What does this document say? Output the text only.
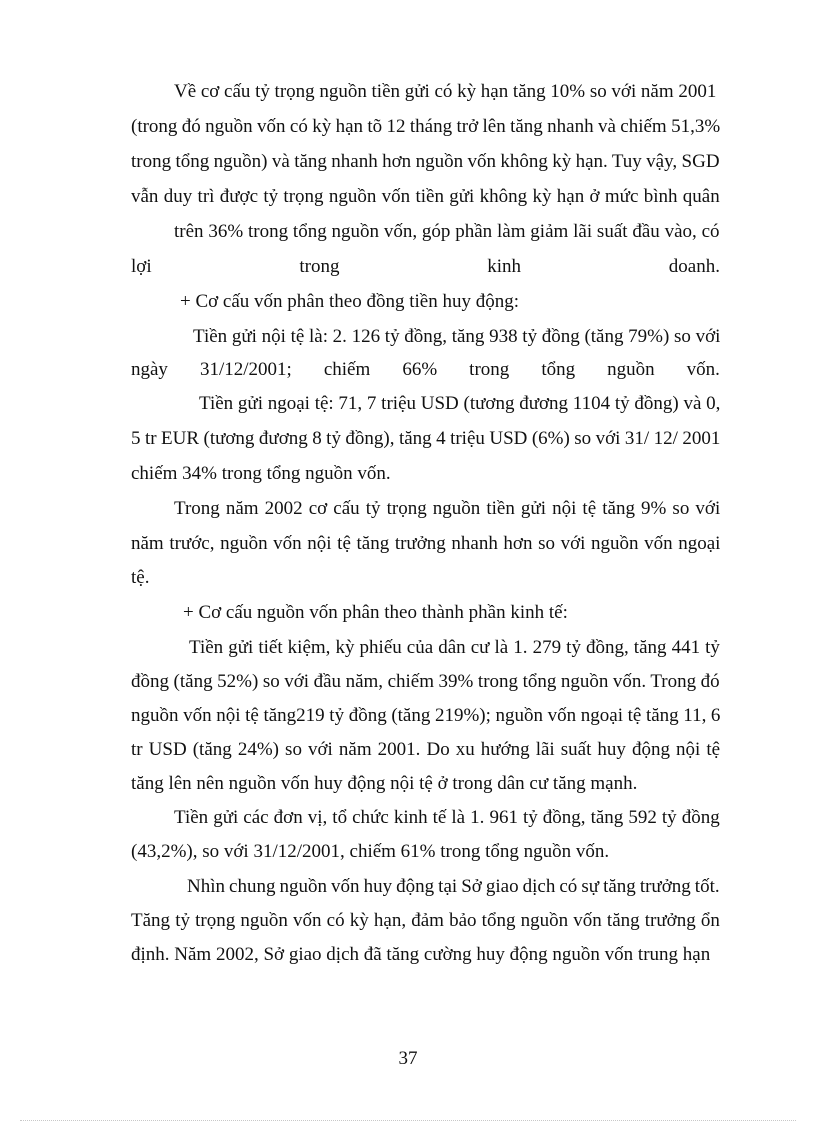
Về cơ cấu tỷ trọng nguồn tiền gửi có kỳ hạn tăng 10% so với năm 2001
(trong đó nguồn vốn có kỳ hạn tõ 12 tháng trở lên tăng nhanh và chiếm 51,3%
trong tổng nguồn) và tăng nhanh hơn nguồn vốn không kỳ hạn. Tuy vậy, SGD
vẫn duy trì được tỷ trọng nguồn vốn tiền gửi không kỳ hạn ở mức bình quân
trên 36% trong tổng nguồn vốn, góp phần làm giảm lãi suất đầu vào, có
lợi	trong	kinh	doanh.
+ Cơ cấu vốn phân theo đồng tiền huy động:
Tiền gửi nội tệ là: 2. 126 tỷ đồng, tăng 938 tỷ đồng (tăng 79%) so với
ngày 31/12/2001; chiếm 66% trong tổng nguồn vốn.
Tiền gửi ngoại tệ: 71, 7 triệu USD (tương đương 1104 tỷ đồng) và 0,
5 tr EUR (tương đương 8 tỷ đồng), tăng 4 triệu USD (6%) so với 31/ 12/ 2001
chiếm 34% trong tổng nguồn vốn.
Trong năm 2002 cơ cấu tỷ trọng nguồn tiền gửi nội tệ tăng 9% so với
năm trước, nguồn vốn nội tệ tăng trưởng nhanh hơn so với nguồn vốn ngoại
tệ.
+ Cơ cấu nguồn vốn phân theo thành phần kinh tế:
Tiền gửi tiết kiệm, kỳ phiếu của dân cư là 1. 279 tỷ đồng, tăng 441 tỷ
đồng (tăng 52%) so với đầu năm, chiếm 39% trong tổng nguồn vốn. Trong đó
nguồn vốn nội tệ tăng219 tỷ đồng (tăng 219%); nguồn vốn ngoại tệ tăng 11, 6
tr USD (tăng 24%) so với năm 2001. Do xu hướng lãi suất huy động nội tệ
tăng lên nên nguồn vốn huy động nội tệ ở trong dân cư tăng mạnh.
Tiền gửi các đơn vị, tổ chức kinh tế là 1. 961 tỷ đồng, tăng 592 tỷ đồng
(43,2%), so với 31/12/2001, chiếm 61% trong tổng nguồn vốn.
Nhìn chung nguồn vốn huy động tại Sở giao dịch có sự tăng trưởng tốt.
Tăng tỷ trọng nguồn vốn có kỳ hạn, đảm bảo tổng nguồn vốn tăng trưởng ổn
định. Năm 2002, Sở giao dịch đã tăng cường huy động nguồn vốn trung hạn
37
